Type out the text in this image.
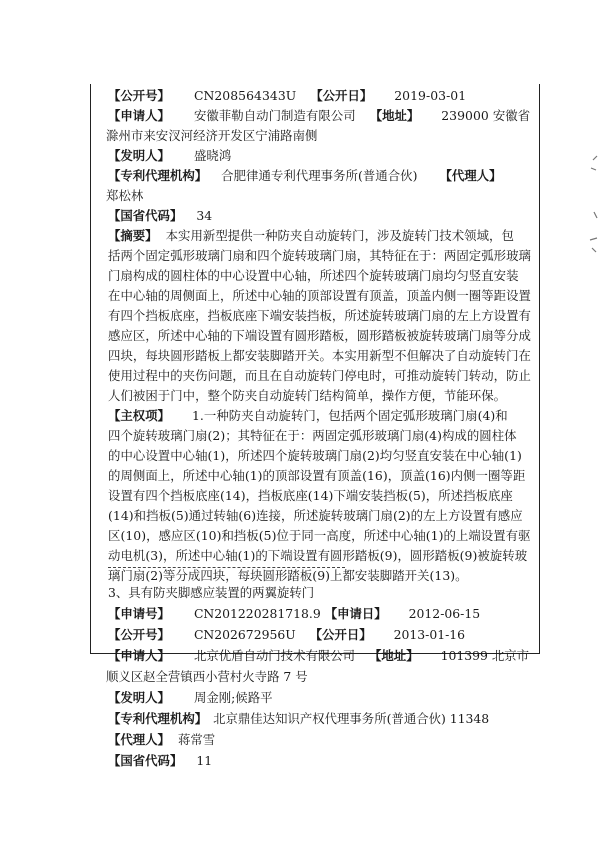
【公开号】 CN208564343U 【公开日】 2019-03-01
【申请人】 安徽菲勒自动门制造有限公司 【地址】 239000 安徽省
滁州市来安汊河经济开发区宁浦路南侧
【发明人】 盛晓鸿
【专利代理机构】 合肥律通专利代理事务所(普通合伙) 【代理人】
郑松林
【国省代码】 34
【摘要】 本实用新型提供一种防夹自动旋转门，涉及旋转门技术领域，包
括两个固定弧形玻璃门扇和四个旋转玻璃门扇，其特征在于：两固定弧形玻璃
门扇构成的圆柱体的中心设置中心轴，所述四个旋转玻璃门扇均匀竖直安装
在中心轴的周侧面上，所述中心轴的顶部设置有顶盖，顶盖内侧一圈等距设置
有四个挡板底座，挡板底座下端安装挡板，所述旋转玻璃门扇的左上方设置有
感应区，所述中心轴的下端设置有圆形踏板，圆形踏板被旋转玻璃门扇等分成
四块，每块圆形踏板上都安装脚踏开关。本实用新型不但解决了自动旋转门在
使用过程中的夹伤问题，而且在自动旋转门停电时，可推动旋转门转动，防止
人们被困于门中，整个防夹自动旋转门结构简单，操作方便，节能环保。
【主权项】 1.一种防夹自动旋转门，包括两个固定弧形玻璃门扇(4)和
四个旋转玻璃门扇(2)；其特征在于：两固定弧形玻璃门扇(4)构成的圆柱体
的中心设置中心轴(1)，所述四个旋转玻璃门扇(2)均匀竖直安装在中心轴(1)
的周侧面上，所述中心轴(1)的顶部设置有顶盖(16)，顶盖(16)内侧一圈等距
设置有四个挡板底座(14)，挡板底座(14)下端安装挡板(5)，所述挡板底座
(14)和挡板(5)通过转轴(6)连接，所述旋转玻璃门扇(2)的左上方设置有感应
区(10)，感应区(10)和挡板(5)位于同一高度，所述中心轴(1)的上端设置有驱
动电机(3)，所述中心轴(1)的下端设置有圆形踏板(9)，圆形踏板(9)被旋转玻
璃门扇(2)等分成四块，每块圆形踏板(9)上都安装脚踏开关(13)。
3、具有防夹脚感应装置的两翼旋转门
【申请号】 CN201220281718.9 【申请日】 2012-06-15
【公开号】 CN202672956U 【公开日】 2013-01-16
【申请人】 北京优盾自动门技术有限公司 【地址】 101399 北京市
顺义区赵全营镇西小营村火寺路 7 号
【发明人】 周金刚;候路平
【专利代理机构】 北京鼎佳达知识产权代理事务所(普通合伙) 11348
【代理人】 蒋常雪
【国省代码】 11
